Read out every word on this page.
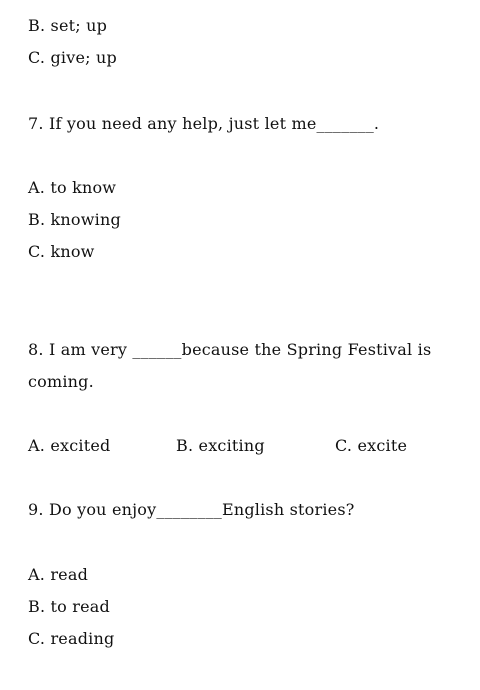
B. set; up
C. give; up
7. If you need any help, just let me_______.
A. to know
B. knowing
C. know
8. I am very ______because the Spring Festival is
coming.
A. excited	B. exciting	C. excite
9. Do you enjoy________English stories?
A. read
B. to read
C. reading
